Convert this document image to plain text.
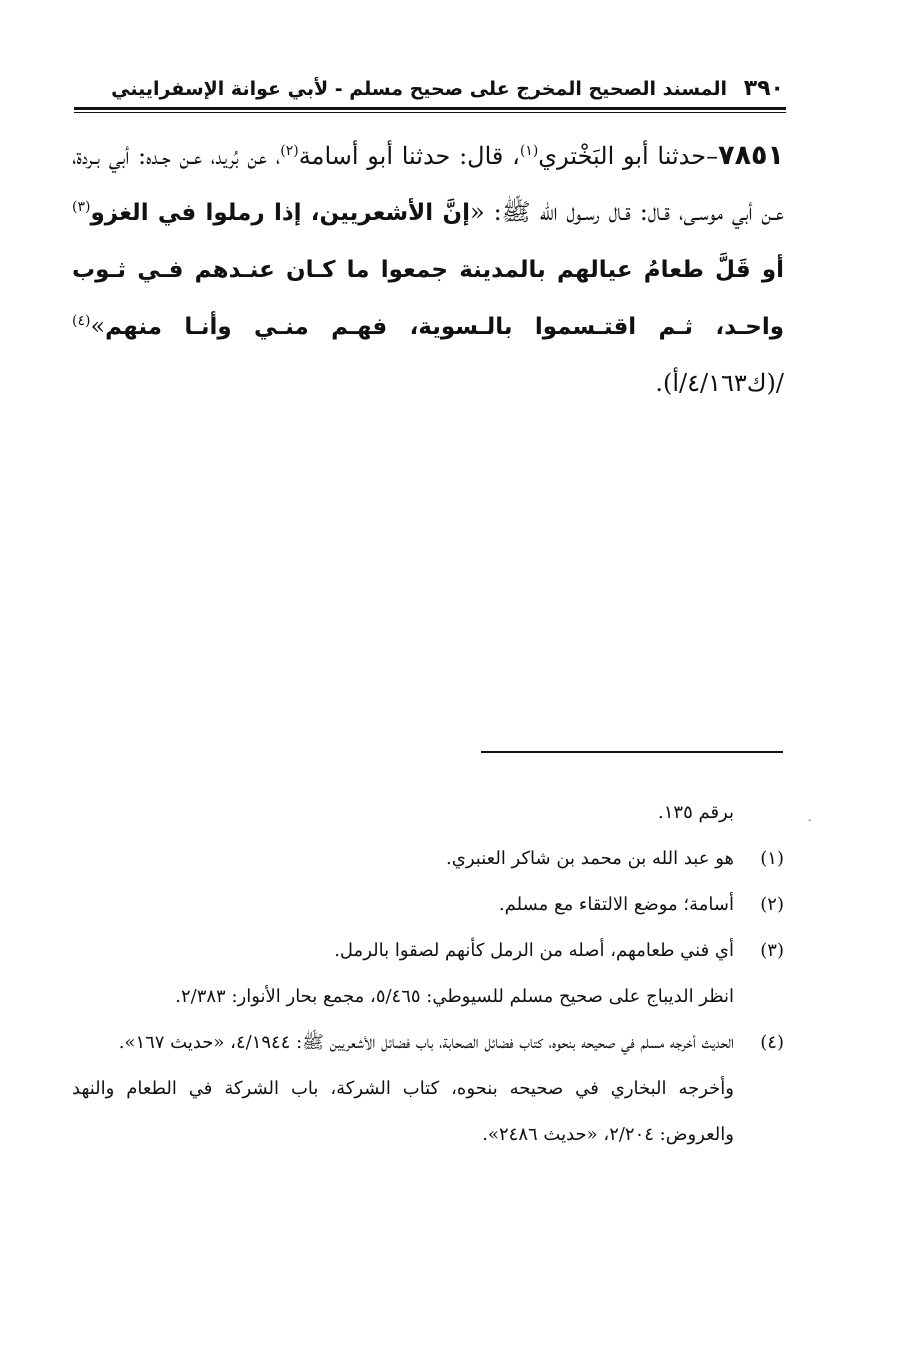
٣٩٠ المسند الصحيح المخرج على صحيح مسلم - لأبي عوانة الإسفراييني
٧٨٥١–حدثنا أبو البَخْتري$^{(١)}$، قال: حدثنا أبو أسامة$^{(٢)}$، عن بُريد، عـن جـده: أبي بـردة، عـن أبي موسـى، قـال: قـال رسـول الله ﷺ: «إنَّ الأشعريين، إذا رملوا في الغزو$^{(٣)}$ أو قَلَّ طعامُ عيالهم بالمدينة جمعوا ما كـان عنـدهم فـي ثـوب واحـد، ثـم اقتـسموا بالـسوية، فهـم منـي وأنـا منهم»$^{(٤)}$ /(ك٤/١٦٣/أ).
-
برقم ١٣٥.
(١)
هو عبد الله بن محمد بن شاكر العنبري.
(٢)
أسامة؛ موضع الالتقاء مع مسلم.
(٣)
أي فني طعامهم، أصله من الرمل كأنهم لصقوا بالرمل.
انظر الديباج على صحيح مسلم للسيوطي: ٥/٤٦٥، مجمع بحار الأنوار: ٢/٣٨٣.
(٤)
الحديث أخرجه مسلم في صحيحه بنحوه، كتاب فضائل الصحابة، باب فضائل الأشعريين ﷺ: ٤/١٩٤٤، «حديث ١٦٧».
وأخرجه البخاري في صحيحه بنحوه، كتاب الشركة، باب الشركة في الطعام والنهد والعروض: ٢/٢٠٤، «حديث ٢٤٨٦».
